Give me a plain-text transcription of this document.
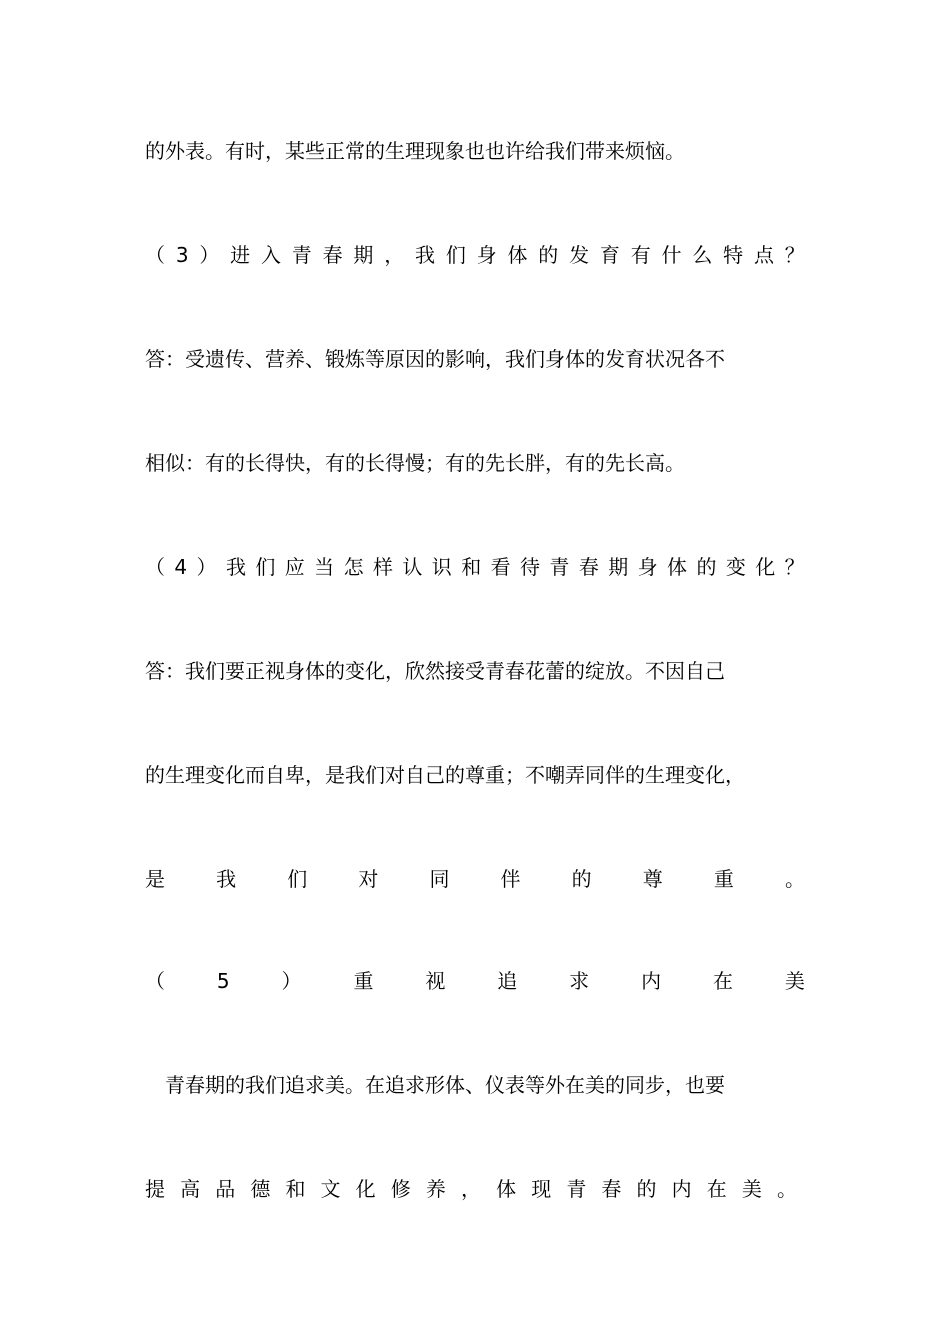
的外表。有时，某些正常的生理现象也也许给我们带来烦恼。
（ 3 ） 进 入 青 春 期 ， 我 们 身 体 的 发 育 有 什 么 特 点 ？
答：受遗传、营养、锻炼等原因的影响，我们身体的发育状况各不
相似：有的长得快，有的长得慢；有的先长胖，有的先长高。
（ 4 ） 我 们 应 当 怎 样 认 识 和 看 待 青 春 期 身 体 的 变 化 ？
答：我们要正视身体的变化，欣然接受青春花蕾的绽放。不因自己
的生理变化而自卑，是我们对自己的尊重；不嘲弄同伴的生理变化，
是	我	们	对	同	伴	的	尊	重	。
（	5	）	重	视	追	求	内	在	美
青春期的我们追求美。在追求形体、仪表等外在美的同步，也要
提 高 品 德 和 文 化 修 养 ， 体 现 青 春 的 内 在 美 。
